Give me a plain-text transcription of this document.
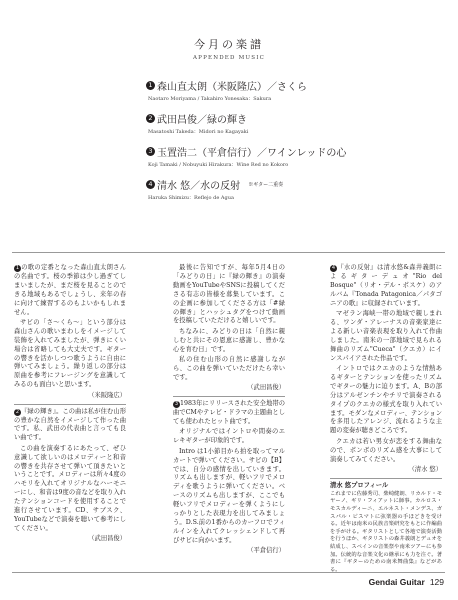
今月の楽譜
APPENDED MUSIC
1 森山直太朗（米阪隆広）／さくら
Naotaro Moriyama / Takahiro Yonesaka：Sakura
2 武田昌俊／緑の輝き
Masatoshi Takeda：Midori no Kagayaki
3 玉置浩二（平倉信行）／ワインレッドの心
Koji Tamaki / Nobuyuki Hirakura：Wine Red no Kokoro
4 清水 悠／水の反射 ※ギター二重奏
Haruka Shimizu：Reflejo de Agua

1 の歌の定番となった森山直太朗さんの名曲です。桜の季節は少し過ぎてしまいましたが、まだ桜を見ることのできる地域もあるでしょうし、来年の春に向けて練習するのもよいかもしれません。

サビの「さ～くら～」という部分は森山さんの歌いまわしをイメージして装飾を入れてみましたが、弾きにくい場合は省略しても大丈夫です。ギターの響きを活かしつつ歌うように自由に弾いてみましょう。繰り返しの部分は原曲を参考にフレージングを意識してみるのも面白いと思います。

（米阪隆広）

2 『緑の輝き』。この曲は私が住む山形の豊かな自然をイメージして作った曲です。私、武田の代表曲と言っても良い曲です。

この曲を演奏するにあたって、ぜひ意識して欲しいのはメロディーと和音の響きを共存させて弾いて頂きたいということです。メロディーは所々4度のハモリを入れてオリジナルなハーモニーにし、和音は9度の音などを取り入れたテンションコードを使用することで進行させています。CD、サブスク、YouTubeなどで演奏を聴いて参考にしてください。

（武田昌俊）

最後に告知ですが、毎年5月4日の「みどりの日」に『緑の輝き』の演奏動画をYouTubeやSNSに投稿してくださる有志の皆様を募集しています。この企画に参加してくださる方は「#緑の輝き」とハッシュタグをつけて動画を投稿していただけると嬉しいです。

ちなみに、みどりの日は「自然に親しむと共にその恩恵に感謝し、豊かな心を育む日」です。

私の住む山形の自然に感謝しながら、この曲を弾いていただけたら幸いです。

（武田昌俊）

3 1983年にリリースされた安全地帯の曲でCMやテレビ・ドラマの主題曲としても使われたヒット曲です。

オリジナルではイントロや間奏のエレキギターが印象的です。

Intro は1小節目から拍を取ってマルカートで弾いてください。サビの【B】では、自分の感情を出していきます。リズムも出しますが、軽いフリでメロディを歌うように弾いてください。ベースのリズムも出しますが、ここでも軽いフリでメロディーを弾くようにしっかりとした表現力を出してみましょう。D.S.前の1番からのカーフロでフィルインを入れてクレッシェンドして再びサビに向かいます。

（平倉信行）

4 『水の反射』は清水悠&森井義朗によるギターデュオ"Rio del Bosque"（リオ・デル・ボスケ）のアルバム『Tonada Patagonica／パタゴニアの歌』に収録されています。

マゼラン海峡一帯の地域で親しまれる、ワンダ・アレーナスの音楽家達による新しい音楽表現を取り入れて作曲しました。南米の一部地域で見られる舞曲のリズム"Cueca"（クエカ）にインスパイアされた作品です。

イントロではクエカのような情熱あるギターとテンションを使ったリズムでギターの魅力に迫ります。A、Bの部分はアルゼンチンやチリで演奏されるタイプのクエカの様式を取り入れています。モダンなメロディー、テンションを多用したアレンジ、流れるような主題の変奏が聴きどころです。

クエカは若い男女が恋をする舞曲なので、ボンボのリズム感を大事にして演奏してみてください。

（清水 悠）
清水 悠プロフィール
これまでに佐藤秀司、柴崎健朗、リカルド・モヤーノ、ギリ・フィアットに師事。カルロス・モスカルディーニ、エルネスト・メンデス、ガスパル・ビスマトに弦楽器の手ほどきを受ける。近年は南米の民族音楽研究をもとに作編曲を手がける。ギタリストとして各地で演奏活動を行うほか、ギタリストの森井義朗とデュオを結成し、スペインの音楽祭や南米ツアーにも参加。伝統的な音楽文化の継承にも力を注ぐ。著書に『ギターのための南米舞曲集』などがある。
Gendai Guitar 129
